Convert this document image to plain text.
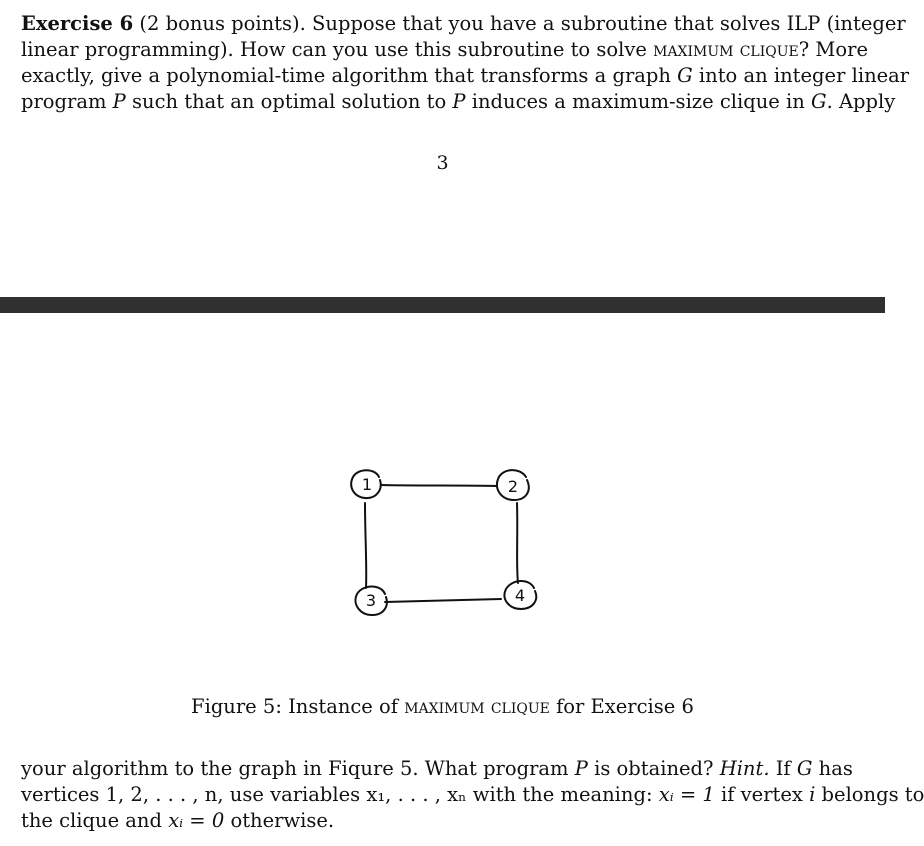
Exercise 6 (2 bonus points). Suppose that you have a subroutine that solves ILP (integer
linear programming). How can you use this subroutine to solve maximum clique? More
exactly, give a polynomial-time algorithm that transforms a graph G into an integer linear
program P such that an optimal solution to P induces a maximum-size clique in G. Apply
3
1	2
3	4
Figure 5: Instance of maximum clique for Exercise 6
your algorithm to the graph in Fiqure 5. What program P is obtained? Hint. If G has
vertices 1, 2, . . . , n, use variables x₁, . . . , xₙ with the meaning: xᵢ = 1 if vertex i belongs to
the clique and xᵢ = 0 otherwise.
